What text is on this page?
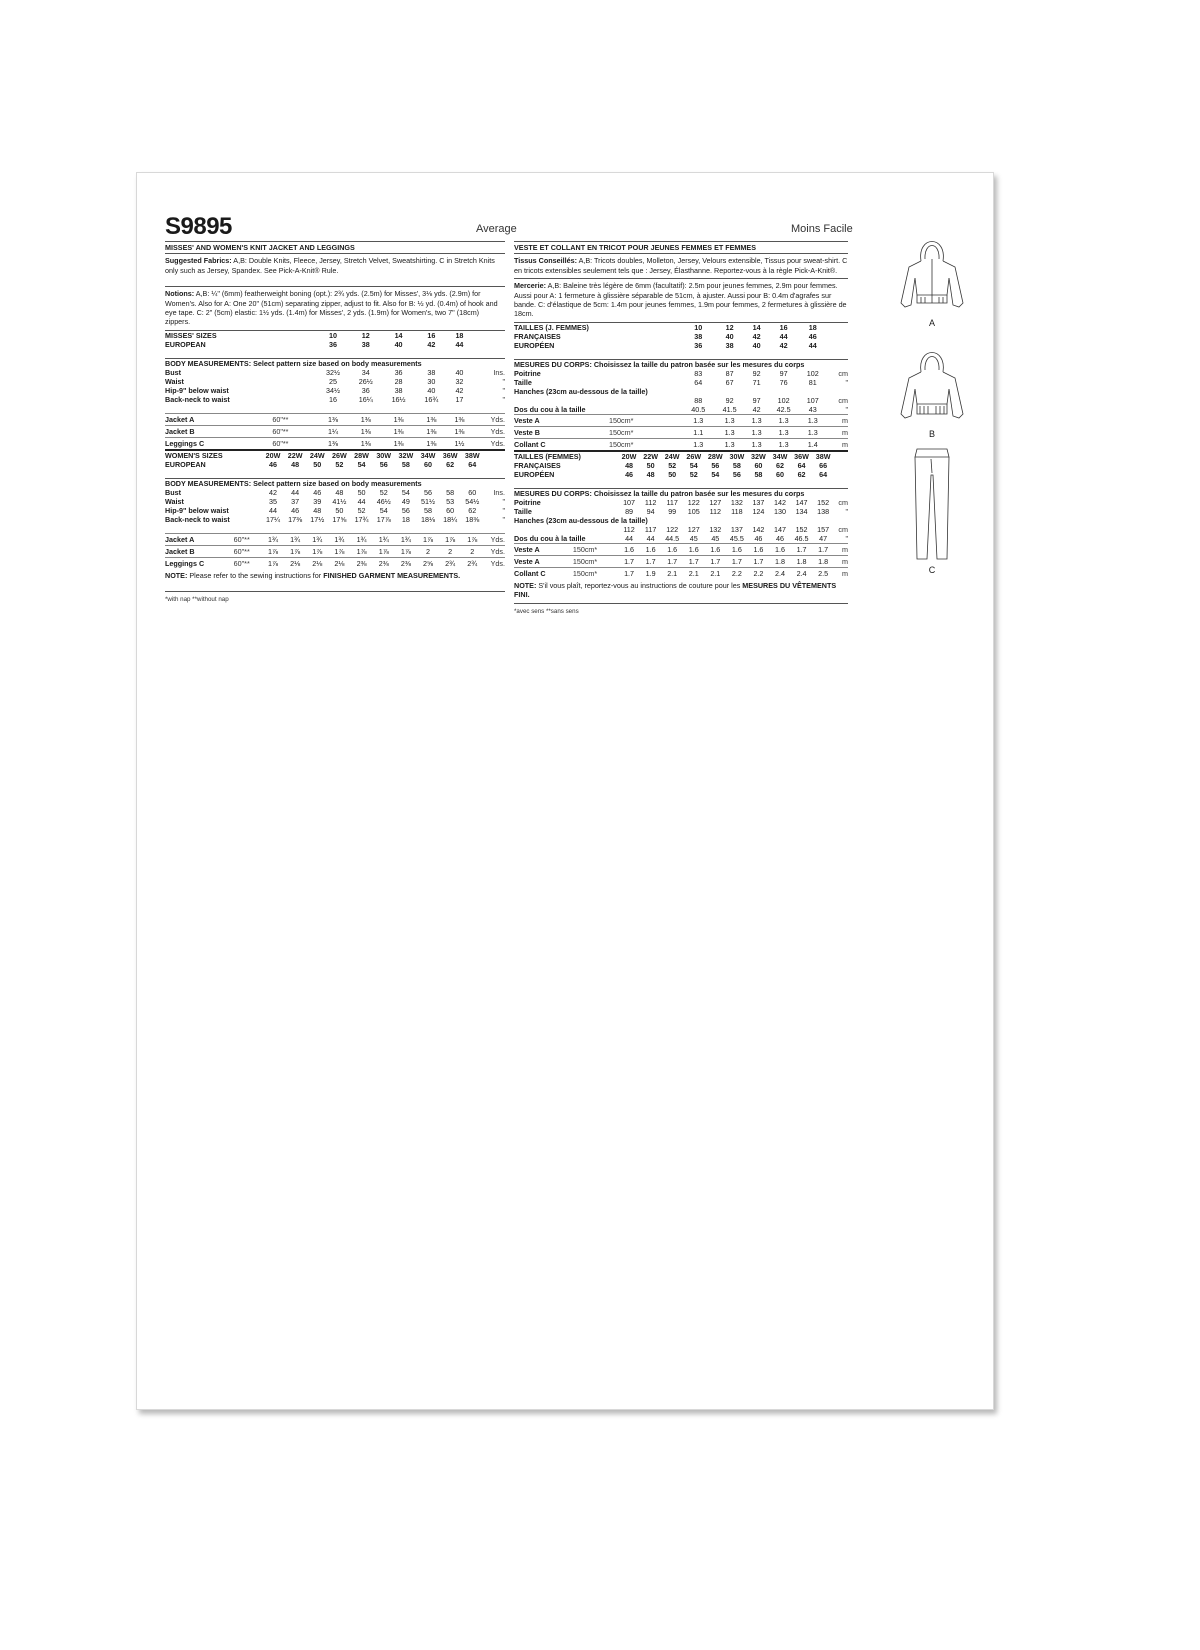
S9895	Average	Moins Facile
MISSES' AND WOMEN'S KNIT JACKET AND LEGGINGS
Suggested Fabrics: A,B: Double Knits, Fleece, Jersey, Stretch Velvet, Sweatshirting. C in Stretch Knits only such as Jersey, Spandex. See Pick-A-Knit® Rule.
Notions: A,B: ¼" (6mm) featherweight boning (opt.): 2¾ yds. (2.5m) for Misses', 3⅛ yds. (2.9m) for Women's. Also for A: One 20" (51cm) separating zipper, adjust to fit. Also for B: ½ yd. (0.4m) of hook and eye tape. C: 2" (5cm) elastic: 1½ yds. (1.4m) for Misses', 2 yds. (1.9m) for Women's, two 7" (18cm) zippers.
MISSES' SIZES		10	12	14	16	18	
EUROPEAN		36	38	40	42	44	

BODY MEASUREMENTS: Select pattern size based on body measurements							
Bust		32½	34	36	38	40	Ins.
Waist		25	26½	28	30	32	"
Hip-9" below waist		34½	36	38	40	42	"
Back-neck to waist		16	16¼	16½	16¾	17	"

Jacket A	60"**	1⅜	1⅜	1⅜	1⅜	1⅜	Yds.
Jacket B	60"**	1¼	1⅜	1⅜	1⅜	1⅜	Yds.
Leggings C	60"**	1⅜	1⅜	1⅜	1⅜	1½	Yds.
WOMEN'S SIZES		20W	22W	24W	26W	28W	30W	32W	34W	36W	38W	
EUROPEAN		46	48	50	52	54	56	58	60	62	64	

BODY MEASUREMENTS: Select pattern size based on body measurements												
Bust		42	44	46	48	50	52	54	56	58	60	Ins.
Waist		35	37	39	41½	44	46½	49	51½	53	54½	"
Hip-9" below waist		44	46	48	50	52	54	56	58	60	62	"
Back-neck to waist		17¼	17⅜	17½	17⅝	17¾	17⅞	18	18⅛	18¼	18⅜	"

Jacket A	60"**	1¾	1¾	1¾	1¾	1¾	1¾	1¾	1⅞	1⅞	1⅞	Yds.
Jacket B	60"**	1⅞	1⅞	1⅞	1⅞	1⅞	1⅞	1⅞	2	2	2	Yds.
Leggings C	60"**	1⅞	2⅛	2⅛	2⅛	2⅜	2⅜	2⅜	2⅝	2¾	2¾	Yds.
NOTE: Please refer to the sewing instructions for FINISHED GARMENT MEASUREMENTS.
*with nap **without nap
VESTE ET COLLANT EN TRICOT POUR JEUNES FEMMES ET FEMMES
Tissus Conseillés: A,B: Tricots doubles, Molleton, Jersey, Velours extensible, Tissus pour sweat-shirt. C en tricots extensibles seulement tels que : Jersey, Élasthanne. Reportez-vous à la règle Pick-A-Knit®.
Mercerie: A,B: Baleine très légère de 6mm (facultatif): 2.5m pour jeunes femmes, 2.9m pour femmes. Aussi pour A: 1 fermeture à glissière séparable de 51cm, à ajuster. Aussi pour B: 0.4m d'agrafes sur bande. C: d'élastique de 5cm: 1.4m pour jeunes femmes, 1.9m pour femmes, 2 fermetures à glissière de 18cm.
TAILLES (J. FEMMES)		10	12	14	16	18	
FRANÇAISES		38	40	42	44	46	
EUROPÉEN		36	38	40	42	44	

MESURES DU CORPS: Choisissez la taille du patron basée sur les mesures du corps							
Poitrine		83	87	92	97	102	cm
Taille		64	67	71	76	81	"
Hanches (23cm au-dessous de la taille)							
		88	92	97	102	107	cm
Dos du cou à la taille		40.5	41.5	42	42.5	43	"
Veste A	150cm*	1.3	1.3	1.3	1.3	1.3	m
Veste B	150cm*	1.1	1.3	1.3	1.3	1.3	m
Collant C	150cm*	1.3	1.3	1.3	1.3	1.4	m
TAILLES (FEMMES)		20W	22W	24W	26W	28W	30W	32W	34W	36W	38W	
FRANÇAISES		48	50	52	54	56	58	60	62	64	66	
EUROPÉEN		46	48	50	52	54	56	58	60	62	64	

MESURES DU CORPS: Choisissez la taille du patron basée sur les mesures du corps												
Poitrine		107	112	117	122	127	132	137	142	147	152	cm
Taille		89	94	99	105	112	118	124	130	134	138	"
Hanches (23cm au-dessous de la taille)												
		112	117	122	127	132	137	142	147	152	157	cm
Dos du cou à la taille		44	44	44.5	45	45	45.5	46	46	46.5	47	"
Veste A	150cm*	1.6	1.6	1.6	1.6	1.6	1.6	1.6	1.6	1.7	1.7	m
Veste A	150cm*	1.7	1.7	1.7	1.7	1.7	1.7	1.7	1.8	1.8	1.8	m
Collant C	150cm*	1.7	1.9	2.1	2.1	2.1	2.2	2.2	2.4	2.4	2.5	m
NOTE: S'il vous plaît, reportez-vous au instructions de couture pour les MESURES DU VÊTEMENTS FINI.
*avec sens **sans sens
A
B
C
